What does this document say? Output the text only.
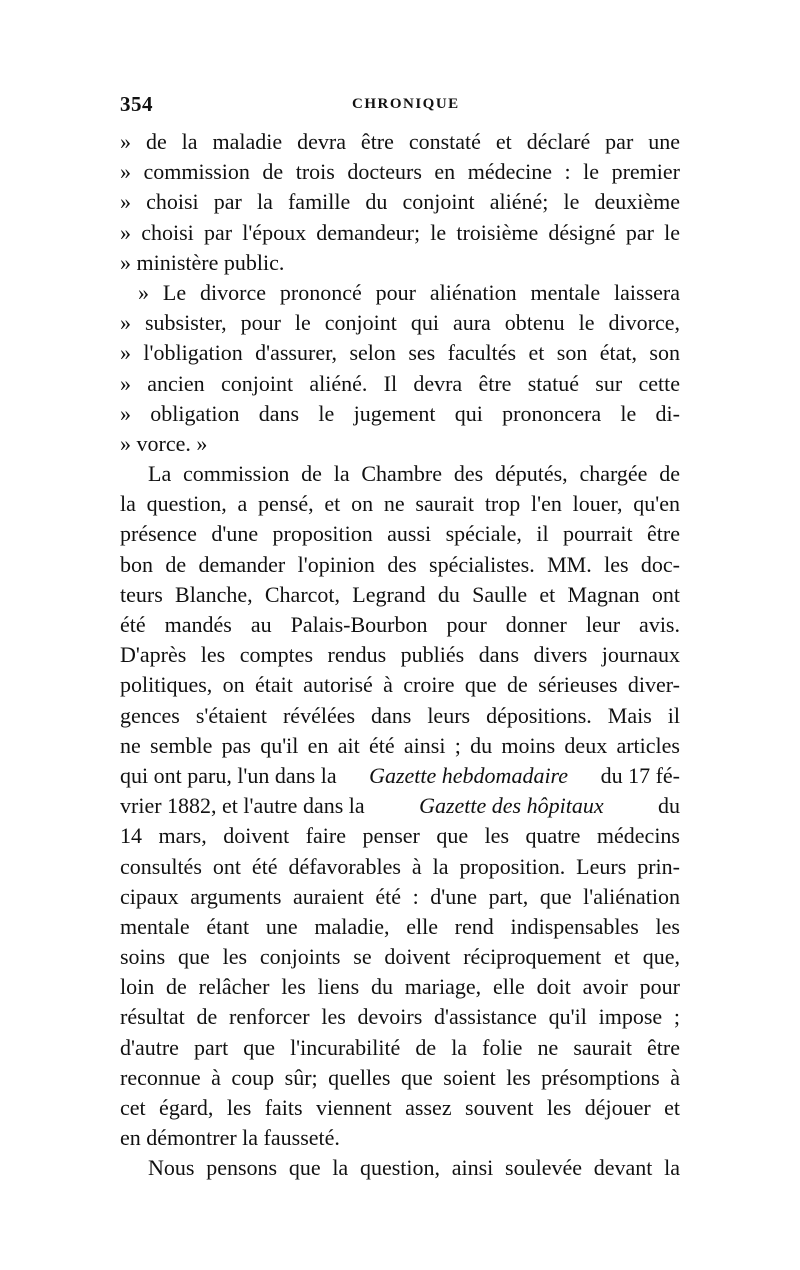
354	CHRONIQUE
» de la maladie devra être constaté et déclaré par une
» commission de trois docteurs en médecine : le premier
» choisi par la famille du conjoint aliéné; le deuxième
» choisi par l'époux demandeur; le troisième désigné par le
» ministère public.
» Le divorce prononcé pour aliénation mentale laissera
» subsister, pour le conjoint qui aura obtenu le divorce,
» l'obligation d'assurer, selon ses facultés et son état, son
» ancien conjoint aliéné. Il devra être statué sur cette
» obligation dans le jugement qui prononcera le di-
» vorce. »
La commission de la Chambre des députés, chargée de
la question, a pensé, et on ne saurait trop l'en louer, qu'en
présence d'une proposition aussi spéciale, il pourrait être
bon de demander l'opinion des spécialistes. MM. les doc-
teurs Blanche, Charcot, Legrand du Saulle et Magnan ont
été mandés au Palais-Bourbon pour donner leur avis.
D'après les comptes rendus publiés dans divers journaux
politiques, on était autorisé à croire que de sérieuses diver-
gences s'étaient révélées dans leurs dépositions. Mais il
ne semble pas qu'il en ait été ainsi ; du moins deux articles
qui ont paru, l'un dans la Gazette hebdomadaire du 17 fé-
vrier 1882, et l'autre dans la Gazette des hôpitaux du
14 mars, doivent faire penser que les quatre médecins
consultés ont été défavorables à la proposition. Leurs prin-
cipaux arguments auraient été : d'une part, que l'aliénation
mentale étant une maladie, elle rend indispensables les
soins que les conjoints se doivent réciproquement et que,
loin de relâcher les liens du mariage, elle doit avoir pour
résultat de renforcer les devoirs d'assistance qu'il impose ;
d'autre part que l'incurabilité de la folie ne saurait être
reconnue à coup sûr; quelles que soient les présomptions à
cet égard, les faits viennent assez souvent les déjouer et
en démontrer la fausseté.
Nous pensons que la question, ainsi soulevée devant la
